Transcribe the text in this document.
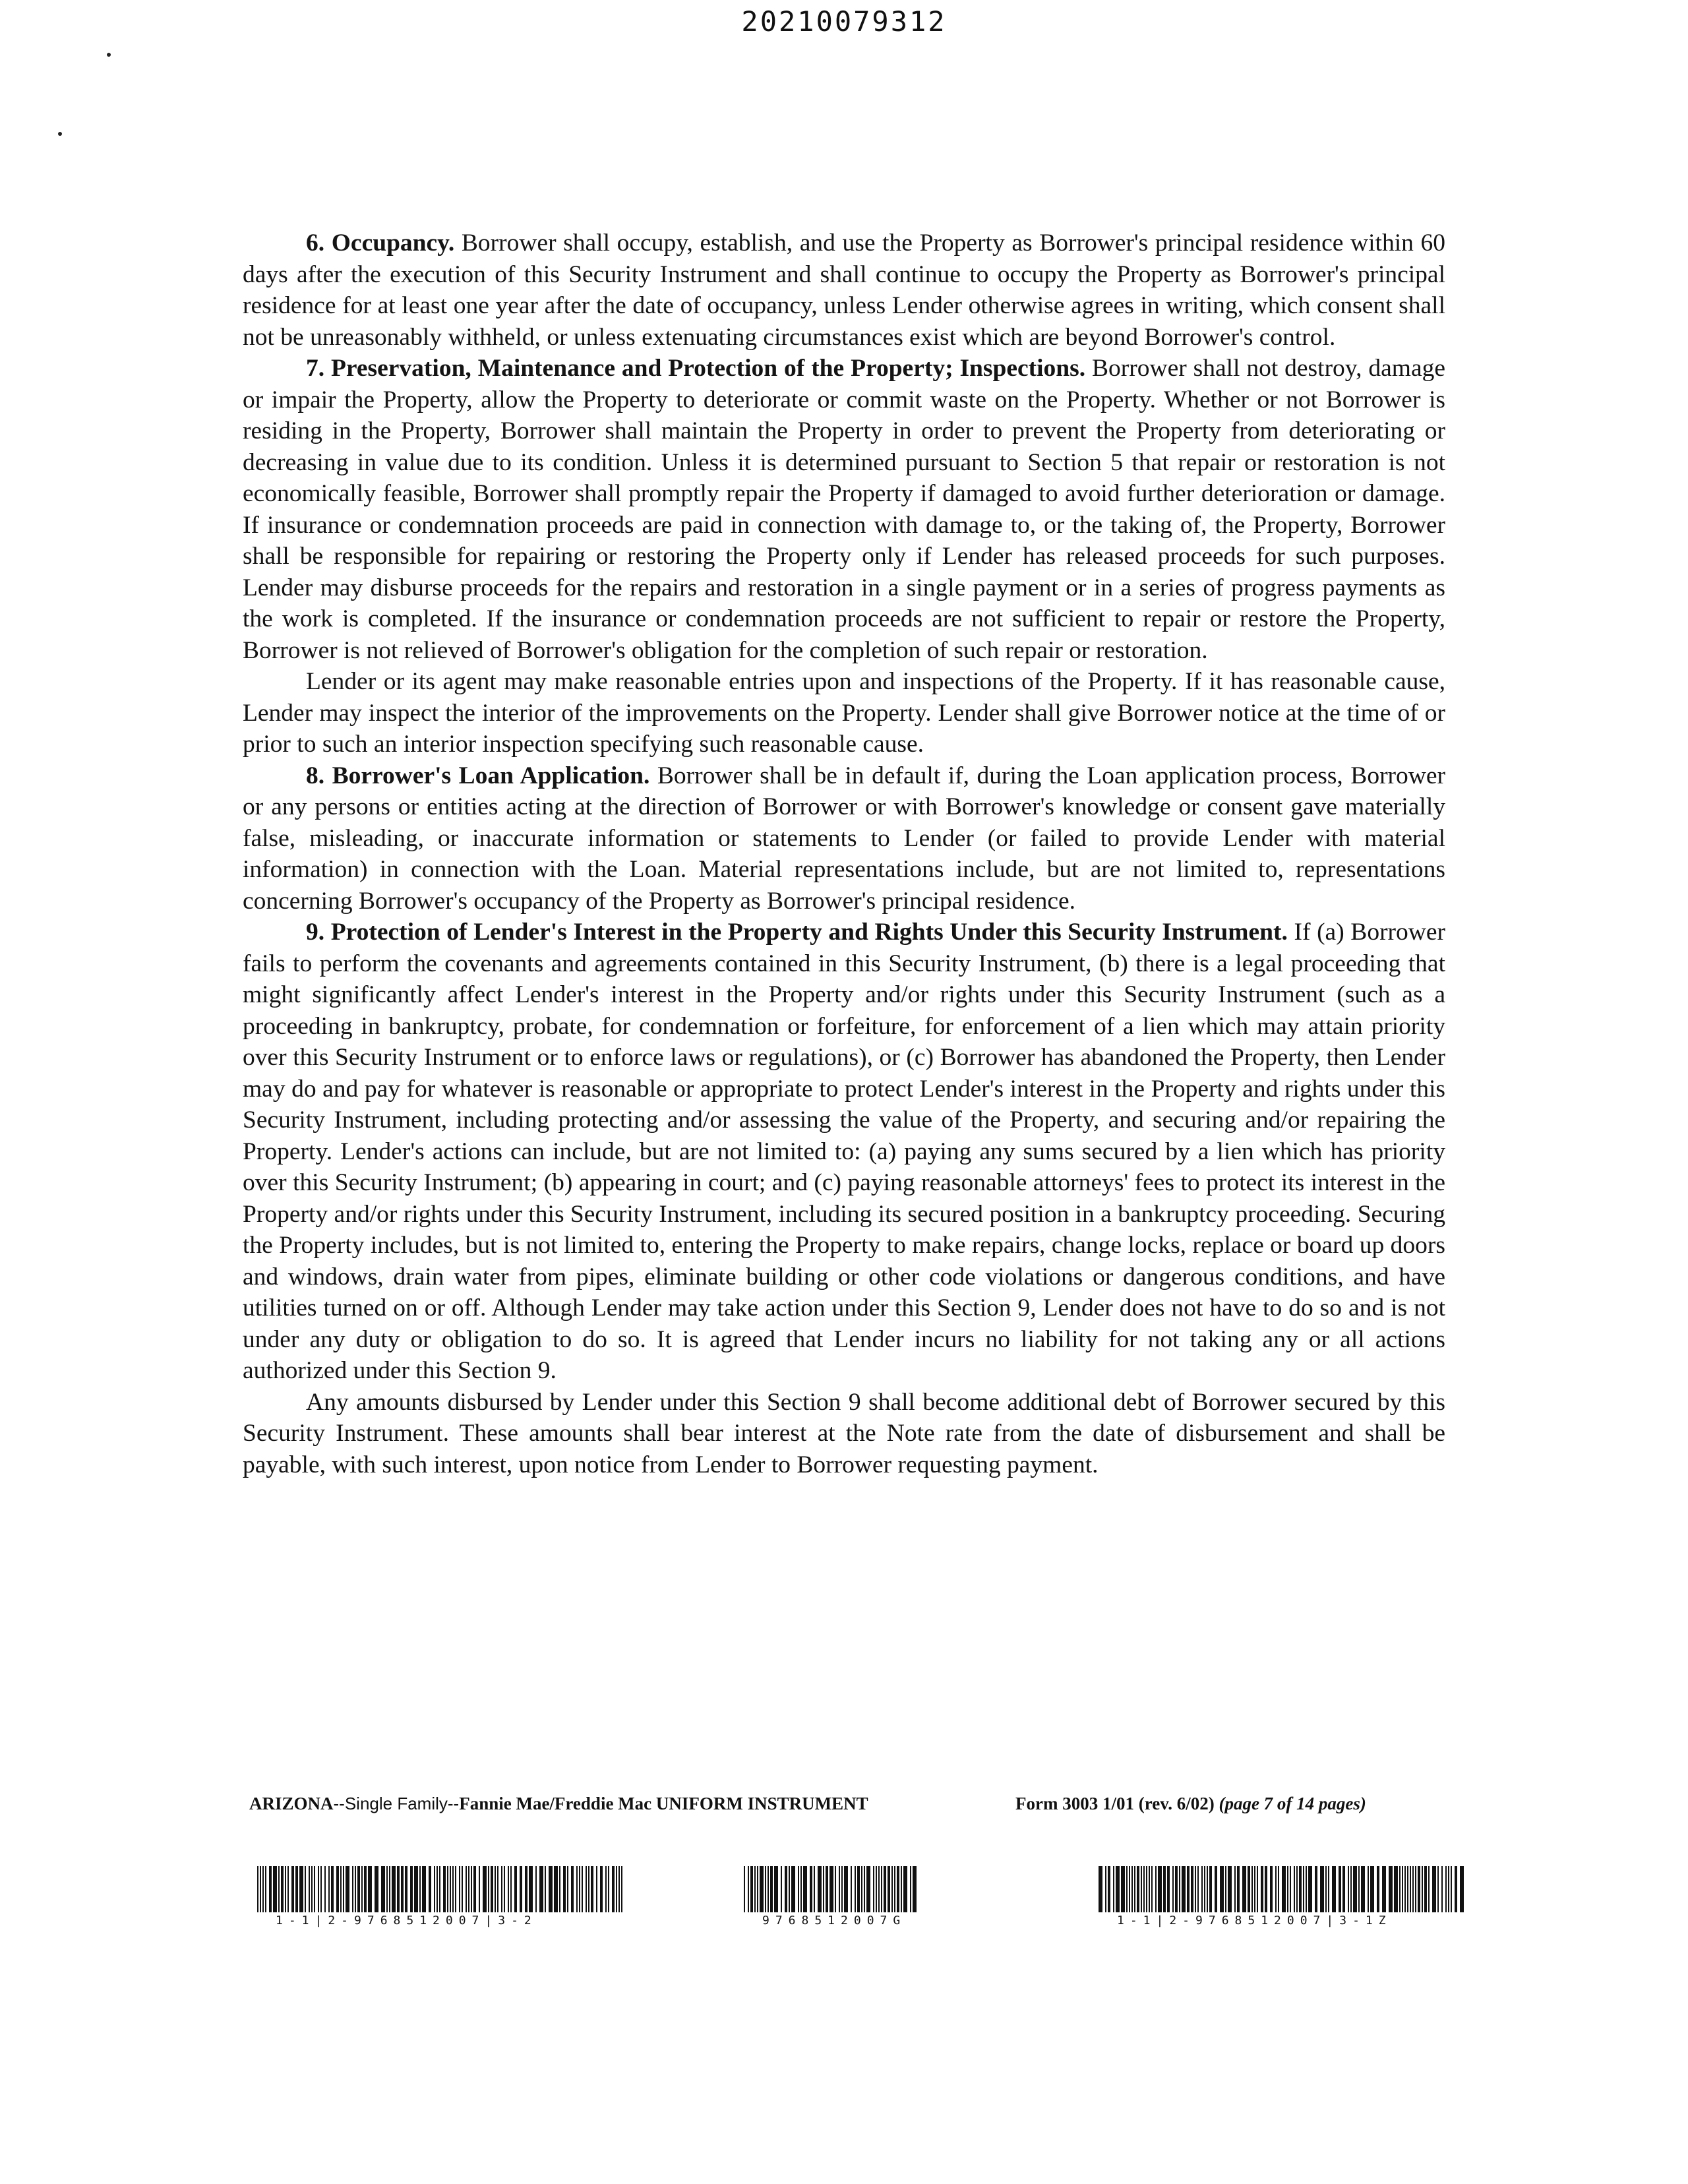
20210079312

6. Occupancy. Borrower shall occupy, establish, and use the Property as Borrower's principal residence within 60 days after the execution of this Security Instrument and shall continue to occupy the Property as Borrower's principal residence for at least one year after the date of occupancy, unless Lender otherwise agrees in writing, which consent shall not be unreasonably withheld, or unless extenuating circumstances exist which are beyond Borrower's control.

7. Preservation, Maintenance and Protection of the Property; Inspections. Borrower shall not destroy, damage or impair the Property, allow the Property to deteriorate or commit waste on the Property. Whether or not Borrower is residing in the Property, Borrower shall maintain the Property in order to prevent the Property from deteriorating or decreasing in value due to its condition. Unless it is determined pursuant to Section 5 that repair or restoration is not economically feasible, Borrower shall promptly repair the Property if damaged to avoid further deterioration or damage. If insurance or condemnation proceeds are paid in connection with damage to, or the taking of, the Property, Borrower shall be responsible for repairing or restoring the Property only if Lender has released proceeds for such purposes. Lender may disburse proceeds for the repairs and restoration in a single payment or in a series of progress payments as the work is completed. If the insurance or condemnation proceeds are not sufficient to repair or restore the Property, Borrower is not relieved of Borrower's obligation for the completion of such repair or restoration.

Lender or its agent may make reasonable entries upon and inspections of the Property. If it has reasonable cause, Lender may inspect the interior of the improvements on the Property. Lender shall give Borrower notice at the time of or prior to such an interior inspection specifying such reasonable cause.

8. Borrower's Loan Application. Borrower shall be in default if, during the Loan application process, Borrower or any persons or entities acting at the direction of Borrower or with Borrower's knowledge or consent gave materially false, misleading, or inaccurate information or statements to Lender (or failed to provide Lender with material information) in connection with the Loan. Material representations include, but are not limited to, representations concerning Borrower's occupancy of the Property as Borrower's principal residence.

9. Protection of Lender's Interest in the Property and Rights Under this Security Instrument. If (a) Borrower fails to perform the covenants and agreements contained in this Security Instrument, (b) there is a legal proceeding that might significantly affect Lender's interest in the Property and/or rights under this Security Instrument (such as a proceeding in bankruptcy, probate, for condemnation or forfeiture, for enforcement of a lien which may attain priority over this Security Instrument or to enforce laws or regulations), or (c) Borrower has abandoned the Property, then Lender may do and pay for whatever is reasonable or appropriate to protect Lender's interest in the Property and rights under this Security Instrument, including protecting and/or assessing the value of the Property, and securing and/or repairing the Property. Lender's actions can include, but are not limited to: (a) paying any sums secured by a lien which has priority over this Security Instrument; (b) appearing in court; and (c) paying reasonable attorneys' fees to protect its interest in the Property and/or rights under this Security Instrument, including its secured position in a bankruptcy proceeding. Securing the Property includes, but is not limited to, entering the Property to make repairs, change locks, replace or board up doors and windows, drain water from pipes, eliminate building or other code violations or dangerous conditions, and have utilities turned on or off. Although Lender may take action under this Section 9, Lender does not have to do so and is not under any duty or obligation to do so. It is agreed that Lender incurs no liability for not taking any or all actions authorized under this Section 9.

Any amounts disbursed by Lender under this Section 9 shall become additional debt of Borrower secured by this Security Instrument. These amounts shall bear interest at the Note rate from the date of disbursement and shall be payable, with such interest, upon notice from Lender to Borrower requesting payment.

ARIZONA--Single Family--Fannie Mae/Freddie Mac UNIFORM INSTRUMENT	Form 3003 1/01 (rev. 6/02) (page 7 of 14 pages)
1-1|2-9768512007|3-2	9768512007G	1-1|2-9768512007|3-1Z
